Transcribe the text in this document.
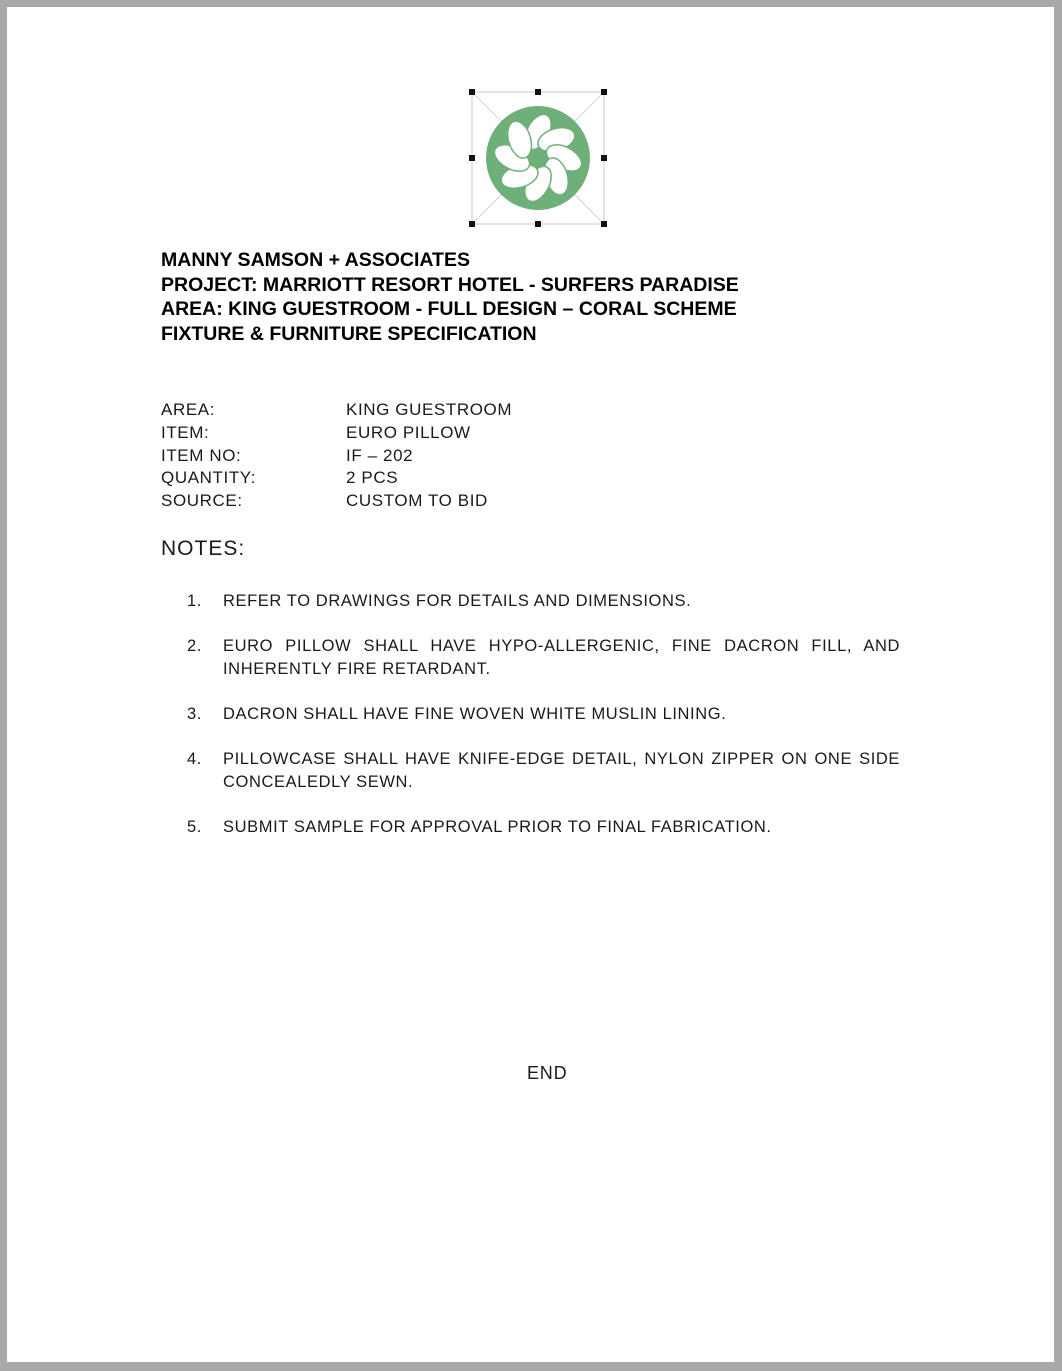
MANNY SAMSON + ASSOCIATES
PROJECT: MARRIOTT RESORT HOTEL - SURFERS PARADISE
AREA: KING GUESTROOM - FULL DESIGN – CORAL SCHEME
FIXTURE & FURNITURE SPECIFICATION
AREA:	KING GUESTROOM
ITEM:	EURO PILLOW
ITEM NO:	IF – 202
QUANTITY:	2 PCS
SOURCE:	CUSTOM TO BID
NOTES:
1.	REFER TO DRAWINGS FOR DETAILS AND DIMENSIONS.
2.	EURO PILLOW SHALL HAVE HYPO-ALLERGENIC, FINE DACRON FILL, AND INHERENTLY FIRE RETARDANT.
3.	DACRON SHALL HAVE FINE WOVEN WHITE MUSLIN LINING.
4.	PILLOWCASE SHALL HAVE KNIFE-EDGE DETAIL, NYLON ZIPPER ON ONE SIDE CONCEALEDLY SEWN.
5.	SUBMIT SAMPLE FOR APPROVAL PRIOR TO FINAL FABRICATION.
END
